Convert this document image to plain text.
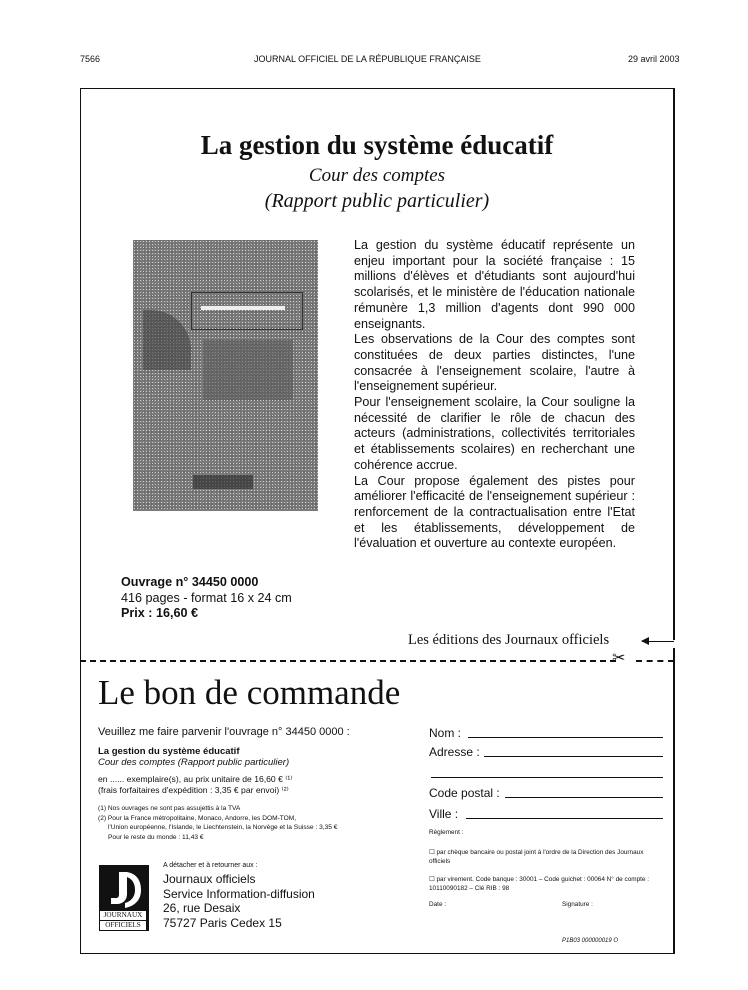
7566	JOURNAL OFFICIEL DE LA RÉPUBLIQUE FRANÇAISE	29 avril 2003
La gestion du système éducatif
Cour des comptes
(Rapport public particulier)

La gestion du système éducatif représente un enjeu important pour la société française : 15 millions d'élèves et d'étudiants sont aujourd'hui scolarisés, et le ministère de l'éducation nationale rémunère 1,3 million d'agents dont 990 000 enseignants.

Les observations de la Cour des comptes sont constituées de deux parties distinctes, l'une consacrée à l'enseignement scolaire, l'autre à l'enseignement supérieur.

Pour l'enseignement scolaire, la Cour souligne la nécessité de clarifier le rôle de chacun des acteurs (administrations, collectivités territoriales et établissements scolaires) en recherchant une cohérence accrue.

La Cour propose également des pistes pour améliorer l'efficacité de l'enseignement supérieur : renforcement de la contractualisation entre l'Etat et les établissements, développement de l'évaluation et ouverture au contexte européen.

Ouvrage n° 34450 0000
416 pages - format 16 x 24 cm
Prix : 16,60 €
Les éditions des Journaux officiels
✂
Le bon de commande
Veuillez me faire parvenir l'ouvrage n° 34450 0000 :
La gestion du système éducatif
Cour des comptes (Rapport public particulier)
en ...... exemplaire(s), au prix unitaire de 16,60 € ⁽¹⁾
(frais forfaitaires d'expédition : 3,35 € par envoi) ⁽²⁾
(1) Nos ouvrages ne sont pas assujettis à la TVA
(2) Pour la France métropolitaine, Monaco, Andorre, les DOM-TOM,
l'Union européenne, l'Islande, le Liechtenstein, la Norvège et la Suisse : 3,35 €
Pour le reste du monde : 11,43 €
JOURNAUX
OFFICIELS
A détacher et à retourner aux :
Journaux officiels
Service Information-diffusion
26, rue Desaix
75727 Paris Cedex 15
Nom :
Adresse :
Code postal :
Ville :
Règlement :
☐ par chèque bancaire ou postal joint à l'ordre de la Direction des Journaux officiels
☐ par virement. Code banque : 30001 – Code guichet : 00064 N° de compte : 10110090182 – Clé RIB : 98
Date :	Signature :
P1B03 000000019 O
